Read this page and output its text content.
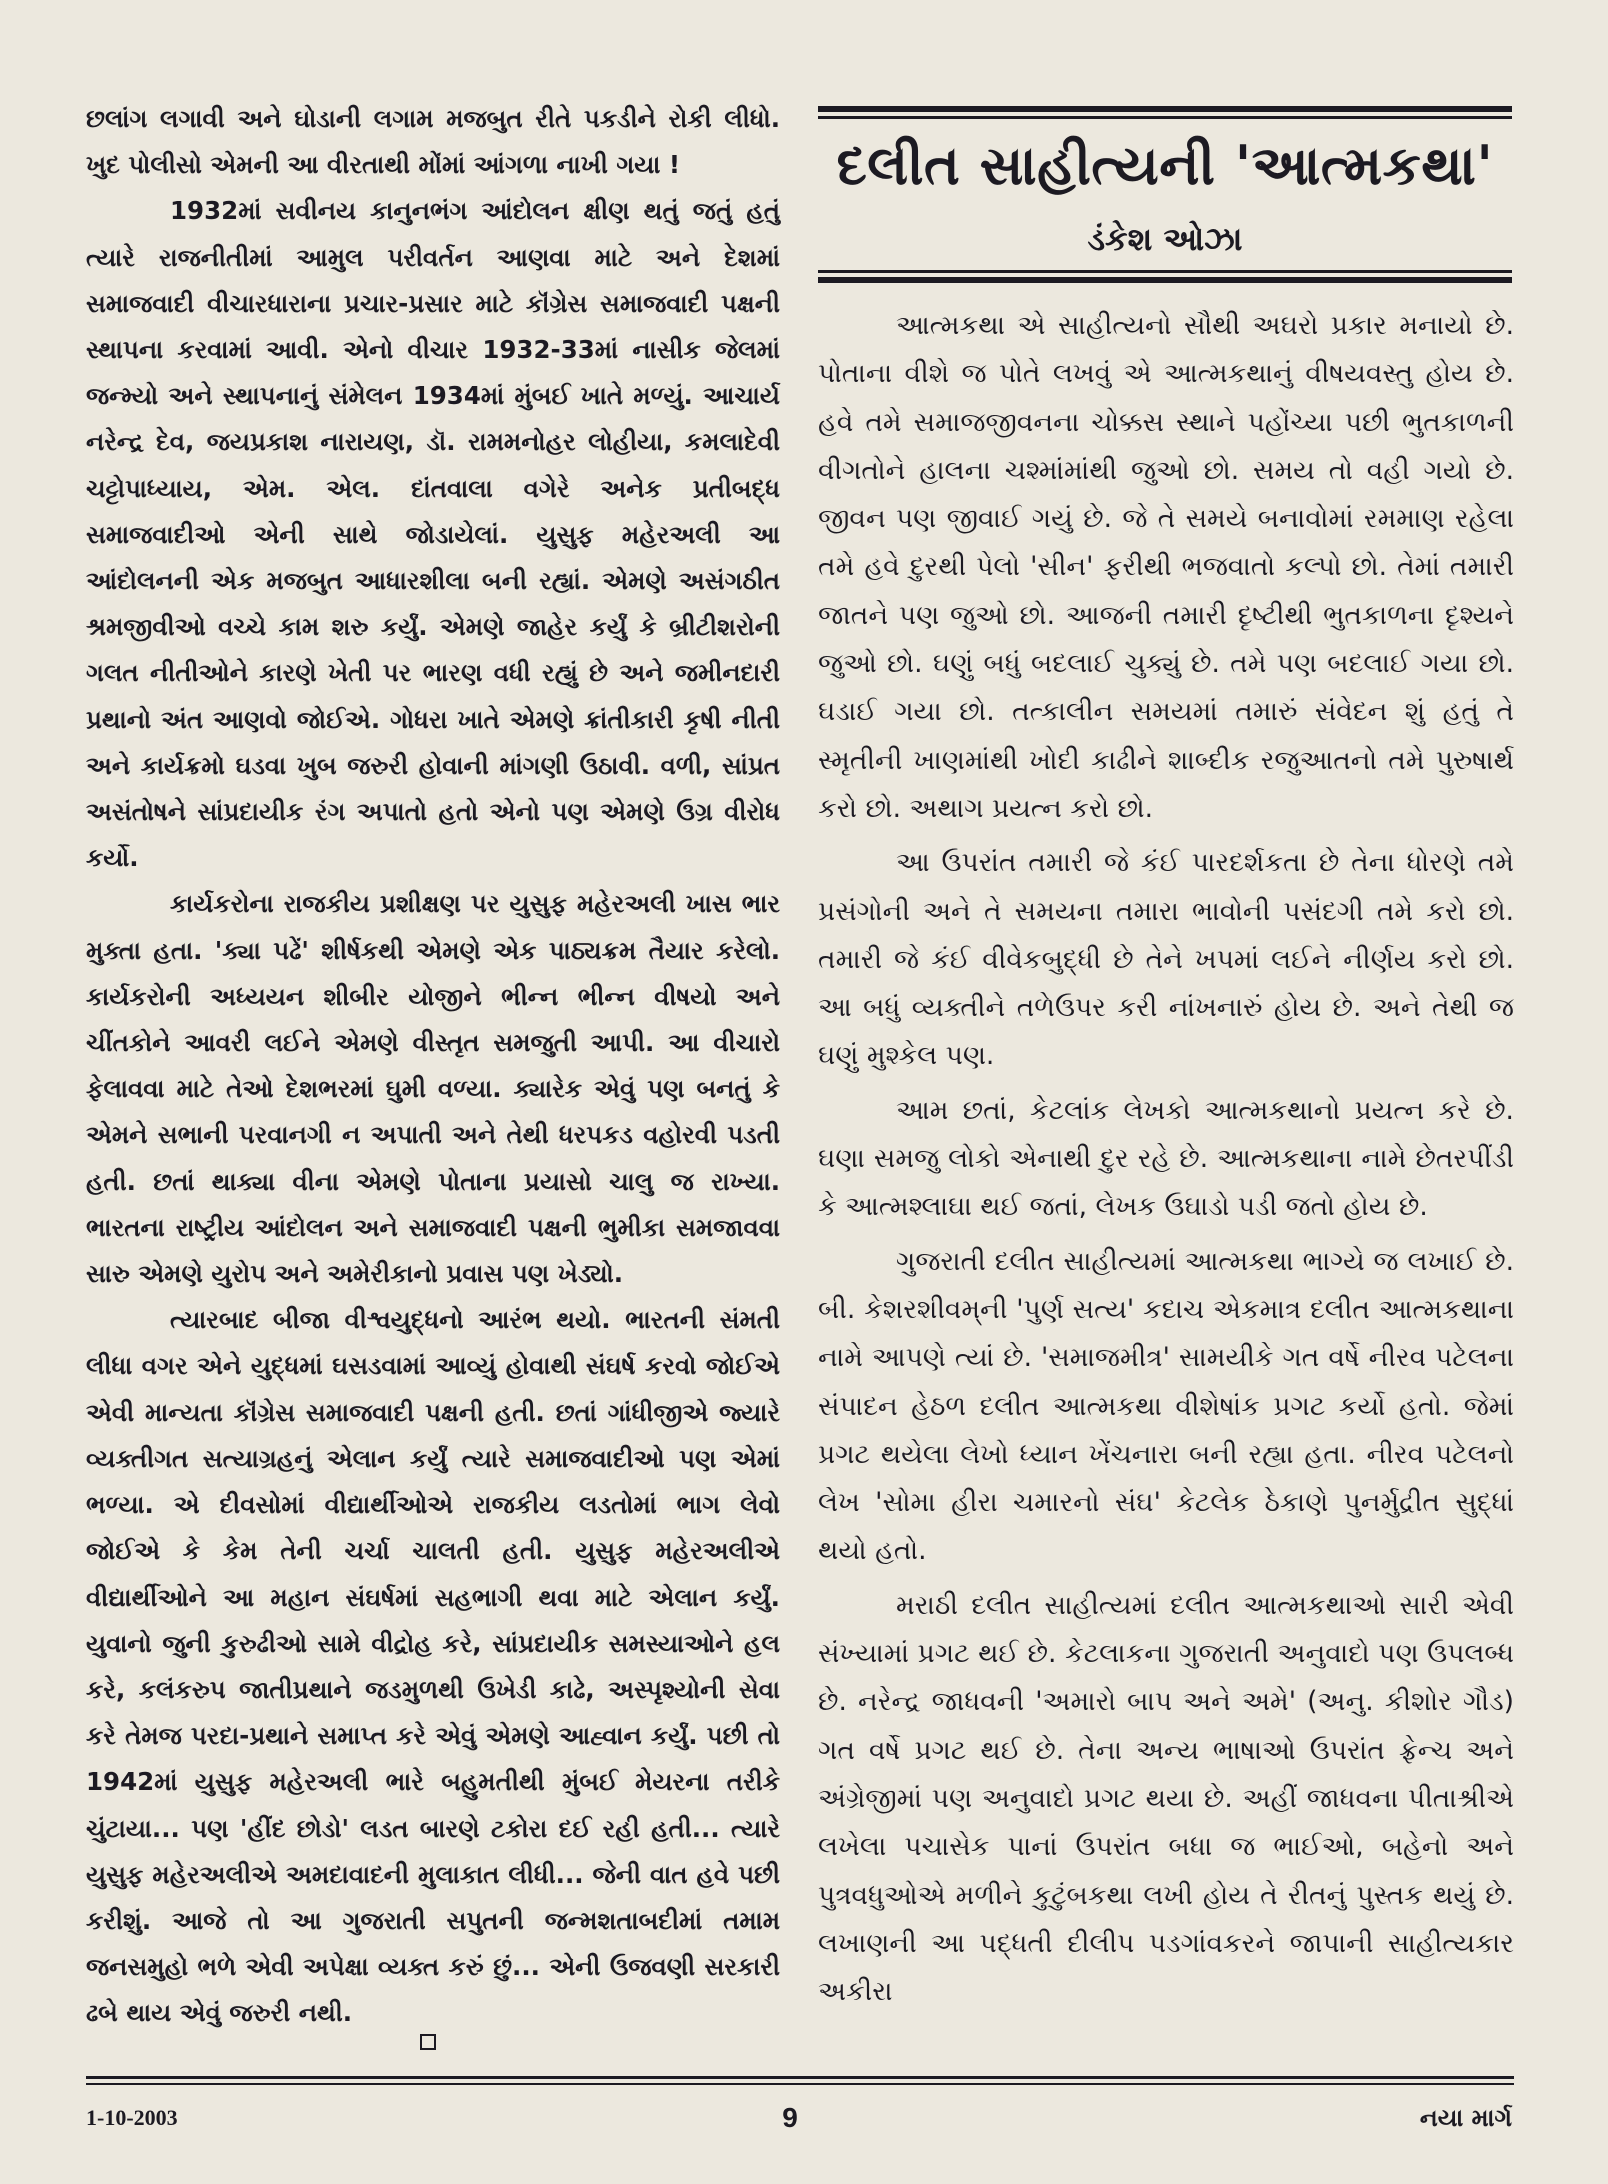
છલાંગ લગાવી અને ઘોડાની લગામ મજબુત રીતે પકડીને રોકી લીધો. ખુદ પોલીસો એમની આ વીરતાથી મોંમાં આંગળા નાખી ગયા !

1932માં સવીનય કાનુનભંગ આંદોલન ક્ષીણ થતું જતું હતું ત્યારે રાજનીતીમાં આમુલ પરીવર્તન આણવા માટે અને દેશમાં સમાજવાદી વીચારધારાના પ્રચાર-પ્રસાર માટે કૉંગ્રેસ સમાજવાદી પક્ષની સ્થાપના કરવામાં આવી. એનો વીચાર 1932-33માં નાસીક જેલમાં જન્મ્યો અને સ્થાપનાનું સંમેલન 1934માં મુંબઈ ખાતે મળ્યું. આચાર્ય નરેન્દ્ર દેવ, જયપ્રકાશ નારાયણ, ડૉ. રામમનોહર લોહીયા, કમલાદેવી ચટ્ટોપાધ્યાય, એમ. એલ. દાંતવાલા વગેરે અનેક પ્રતીબદ્ધ સમાજવાદીઓ એની સાથે જોડાયેલાં. યુસુફ મહેરઅલી આ આંદોલનની એક મજબુત આધારશીલા બની રહ્યાં. એમણે અસંગઠીત શ્રમજીવીઓ વચ્ચે કામ શરુ કર્યું. એમણે જાહેર કર્યું કે બ્રીટીશરોની ગલત નીતીઓને કારણે ખેતી પર ભારણ વધી રહ્યું છે અને જમીનદારી પ્રથાનો અંત આણવો જોઈએ. ગોધરા ખાતે એમણે ક્રાંતીકારી કૃષી નીતી અને કાર્યક્રમો ઘડવા ખુબ જરુરી હોવાની માંગણી ઉઠાવી. વળી, સાંપ્રત અસંતોષને સાંપ્રદાયીક રંગ અપાતો હતો એનો પણ એમણે ઉગ્ર વીરોધ કર્યો.

કાર્યકરોના રાજકીય પ્રશીક્ષણ પર યુસુફ મહેરઅલી ખાસ ભાર મુક્તા હતા. 'ક્યા પઢેં' શીર્ષકથી એમણે એક પાઠ્યક્રમ તૈયાર કરેલો. કાર્યકરોની અધ્યયન શીબીર યોજીને ભીન્ન ભીન્ન વીષયો અને ચીંતકોને આવરી લઈને એમણે વીસ્તૃત સમજુતી આપી. આ વીચારો ફેલાવવા માટે તેઓ દેશભરમાં ઘુમી વળ્યા. ક્યારેક એવું પણ બનતું કે એમને સભાની પરવાનગી ન અપાતી અને તેથી ધરપકડ વહોરવી પડતી હતી. છતાં થાક્યા વીના એમણે પોતાના પ્રયાસો ચાલુ જ રાખ્યા. ભારતના રાષ્ટ્રીય આંદોલન અને સમાજવાદી પક્ષની ભુમીકા સમજાવવા સારુ એમણે યુરોપ અને અમેરીકાનો પ્રવાસ પણ ખેડ્યો.

ત્યારબાદ બીજા વીશ્વયુદ્ધનો આરંભ થયો. ભારતની સંમતી લીધા વગર એને યુદ્ધમાં ઘસડવામાં આવ્યું હોવાથી સંઘર્ષ કરવો જોઈએ એવી માન્યતા કૉંગ્રેસ સમાજવાદી પક્ષની હતી. છતાં ગાંધીજીએ જ્યારે વ્યક્તીગત સત્યાગ્રહનું એલાન કર્યું ત્યારે સમાજવાદીઓ પણ એમાં ભળ્યા. એ દીવસોમાં વીદ્યાર્થીઓએ રાજકીય લડતોમાં ભાગ લેવો જોઈએ કે કેમ તેની ચર્ચા ચાલતી હતી. યુસુફ મહેરઅલીએ વીદ્યાર્થીઓને આ મહાન સંઘર્ષમાં સહભાગી થવા માટે એલાન કર્યું. યુવાનો જુની કુરુઢીઓ સામે વીદ્રોહ કરે, સાંપ્રદાયીક સમસ્યાઓને હલ કરે, કલંકરુપ જાતીપ્રથાને જડમુળથી ઉખેડી કાઢે, અસ્પૃશ્યોની સેવા કરે તેમજ પરદા-પ્રથાને સમાપ્ત કરે એવું એમણે આહ્વાન કર્યું. પછી તો 1942માં યુસુફ મહેરઅલી ભારે બહુમતીથી મુંબઈ મેયરના તરીકે ચુંટાયા... પણ 'હીંદ છોડો' લડત બારણે ટકોરા દઈ રહી હતી... ત્યારે યુસુફ મહેરઅલીએ અમદાવાદની મુલાકાત લીધી... જેની વાત હવે પછી કરીશું. આજે તો આ ગુજરાતી સપુતની જન્મશતાબદીમાં તમામ જનસમુહો ભળે એવી અપેક્ષા વ્યક્ત કરું છું... એની ઉજવણી સરકારી ઢબે થાય એવું જરુરી નથી.

દલીત સાહીત્યની 'આત્મકથા'
ડંકેશ ઓઝા

આત્મકથા એ સાહીત્યનો સૌથી અઘરો પ્રકાર મનાયો છે. પોતાના વીશે જ પોતે લખવું એ આત્મકથાનું વીષયવસ્તુ હોય છે. હવે તમે સમાજજીવનના ચોક્કસ સ્થાને પહોંચ્યા પછી ભુતકાળની વીગતોને હાલના ચશ્માંમાંથી જુઓ છો. સમય તો વહી ગયો છે. જીવન પણ જીવાઈ ગયું છે. જે તે સમયે બનાવોમાં રમમાણ રહેલા તમે હવે દુરથી પેલો 'સીન' ફરીથી ભજવાતો કલ્પો છો. તેમાં તમારી જાતને પણ જુઓ છો. આજની તમારી દૃષ્ટીથી ભુતકાળના દૃશ્યને જુઓ છો. ઘણું બધું બદલાઈ ચુક્યું છે. તમે પણ બદલાઈ ગયા છો. ઘડાઈ ગયા છો. તત્કાલીન સમયમાં તમારું સંવેદન શું હતું તે સ્મૃતીની ખાણમાંથી ખોદી કાઢીને શાબ્દીક રજુઆતનો તમે પુરુષાર્થ કરો છો. અથાગ પ્રયત્ન કરો છો.

આ ઉપરાંત તમારી જે કંઈ પારદર્શકતા છે તેના ધોરણે તમે પ્રસંગોની અને તે સમયના તમારા ભાવોની પસંદગી તમે કરો છો. તમારી જે કંઈ વીવેકબુદ્ધી છે તેને ખપમાં લઈને નીર્ણય કરો છો. આ બધું વ્યક્તીને તળેઉપર કરી નાંખનારું હોય છે. અને તેથી જ ઘણું મુશ્કેલ પણ.

આમ છતાં, કેટલાંક લેખકો આત્મકથાનો પ્રયત્ન કરે છે. ઘણા સમજુ લોકો એનાથી દુર રહે છે. આત્મકથાના નામે છેતરપીંડી કે આત્મશ્લાઘા થઈ જતાં, લેખક ઉઘાડો પડી જતો હોય છે.

ગુજરાતી દલીત સાહીત્યમાં આત્મકથા ભાગ્યે જ લખાઈ છે. બી. કેશરશીવમ્‌ની 'પુર્ણ સત્ય' કદાચ એકમાત્ર દલીત આત્મકથાના નામે આપણે ત્યાં છે. 'સમાજમીત્ર' સામયીકે ગત વર્ષે નીરવ પટેલના સંપાદન હેઠળ દલીત આત્મકથા વીશેષાંક પ્રગટ કર્યો હતો. જેમાં પ્રગટ થયેલા લેખો ધ્યાન ખેંચનારા બની રહ્યા હતા. નીરવ પટેલનો લેખ 'સોમા હીરા ચમારનો સંઘ' કેટલેક ઠેકાણે પુનર્મુદ્રીત સુદ્ધાં થયો હતો.

મરાઠી દલીત સાહીત્યમાં દલીત આત્મકથાઓ સારી એવી સંખ્યામાં પ્રગટ થઈ છે. કેટલાકના ગુજરાતી અનુવાદો પણ ઉપલબ્ધ છે. નરેન્દ્ર જાધવની 'અમારો બાપ અને અમે' (અનુ. કીશોર ગૌડ) ગત વર્ષે પ્રગટ થઈ છે. તેના અન્ય ભાષાઓ ઉપરાંત ફ્રેન્ચ અને અંગ્રેજીમાં પણ અનુવાદો પ્રગટ થયા છે. અહીં જાધવના પીતાશ્રીએ લખેલા પચાસેક પાનાં ઉપરાંત બધા જ ભાઈઓ, બહેનો અને પુત્રવધુઓએ મળીને કુટુંબકથા લખી હોય તે રીતનું પુસ્તક થયું છે. લખાણની આ પદ્ધતી દીલીપ પડગાંવકરને જાપાની સાહીત્યકાર અકીરા

1-10-2003	9	નયા માર્ગ
